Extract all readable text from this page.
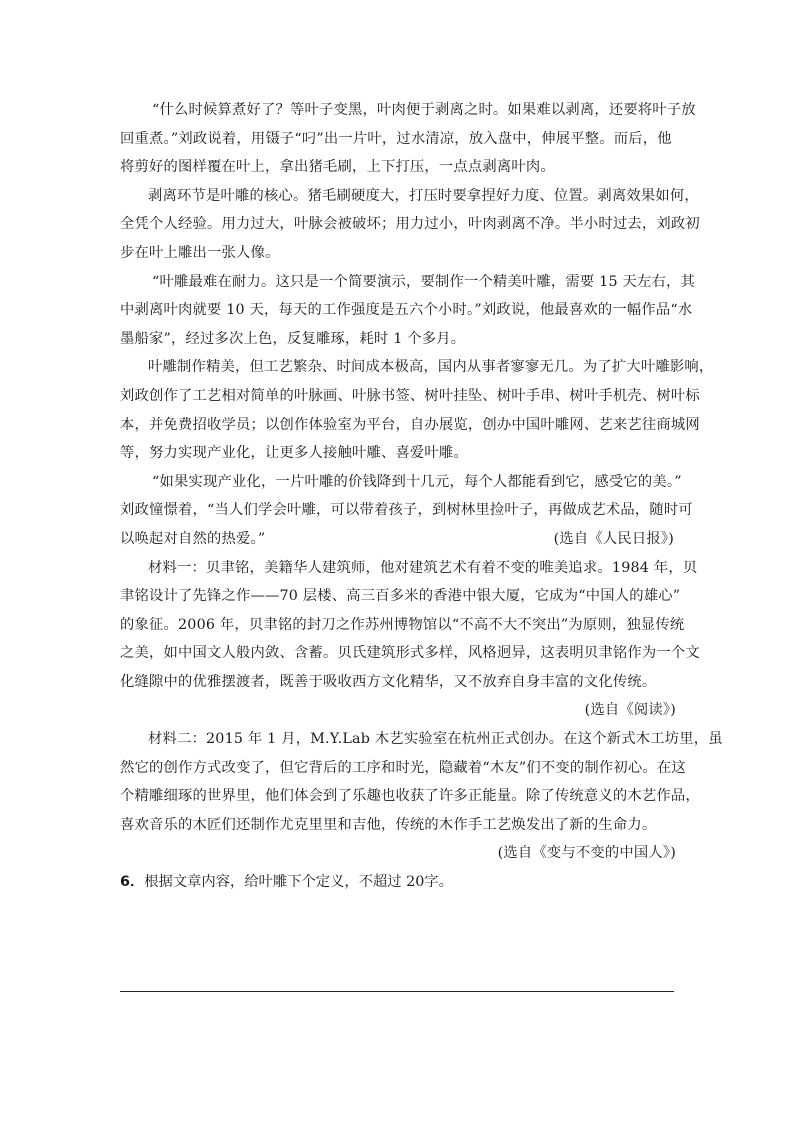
“什么时候算煮好了？等叶子变黑，叶肉便于剥离之时。如果难以剥离，还要将叶子放
回重煮。”刘政说着，用镊子“叼”出一片叶，过水清凉，放入盘中，伸展平整。而后，他
将剪好的图样覆在叶上，拿出猪毛刷，上下打压，一点点剥离叶肉。
剥离环节是叶雕的核心。猪毛刷硬度大，打压时要拿捏好力度、位置。剥离效果如何，
全凭个人经验。用力过大，叶脉会被破坏；用力过小，叶肉剥离不净。半小时过去，刘政初
步在叶上雕出一张人像。
“叶雕最难在耐力。这只是一个简要演示，要制作一个精美叶雕，需要 15 天左右，其
中剥离叶肉就要 10 天，每天的工作强度是五六个小时。”刘政说，他最喜欢的一幅作品“水
墨船家”，经过多次上色，反复雕琢，耗时 1 个多月。
叶雕制作精美，但工艺繁杂、时间成本极高，国内从事者寥寥无几。为了扩大叶雕影响，
刘政创作了工艺相对简单的叶脉画、叶脉书签、树叶挂坠、树叶手串、树叶手机壳、树叶标
本，并免费招收学员；以创作体验室为平台，自办展览，创办中国叶雕网、艺来艺往商城网
等，努力实现产业化，让更多人接触叶雕、喜爱叶雕。
“如果实现产业化，一片叶雕的价钱降到十几元，每个人都能看到它，感受它的美。”
刘政憧憬着，“当人们学会叶雕，可以带着孩子，到树林里捡叶子，再做成艺术品，随时可
以唤起对自然的热爱。”	(选自《人民日报》)
材料一：贝聿铭，美籍华人建筑师，他对建筑艺术有着不变的唯美追求。1984 年，贝
聿铭设计了先锋之作——70 层楼、高三百多米的香港中银大厦，它成为“中国人的雄心”
的象征。2006 年，贝聿铭的封刀之作苏州博物馆以“不高不大不突出”为原则，独显传统
之美，如中国文人般内敛、含蓄。贝氏建筑形式多样，风格迥异，这表明贝聿铭作为一个文
化缝隙中的优雅摆渡者，既善于吸收西方文化精华，又不放弃自身丰富的文化传统。
(选自《阅读》)
材料二：2015 年 1 月，M.Y.Lab 木艺实验室在杭州正式创办。在这个新式木工坊里，虽
然它的创作方式改变了，但它背后的工序和时光，隐藏着“木友”们不变的制作初心。在这
个精雕细琢的世界里，他们体会到了乐趣也收获了许多正能量。除了传统意义的木艺作品，
喜欢音乐的木匠们还制作尤克里里和吉他，传统的木作手工艺焕发出了新的生命力。
(选自《变与不变的中国人》)
6．根据文章内容，给叶雕下个定义，不超过 20字。
